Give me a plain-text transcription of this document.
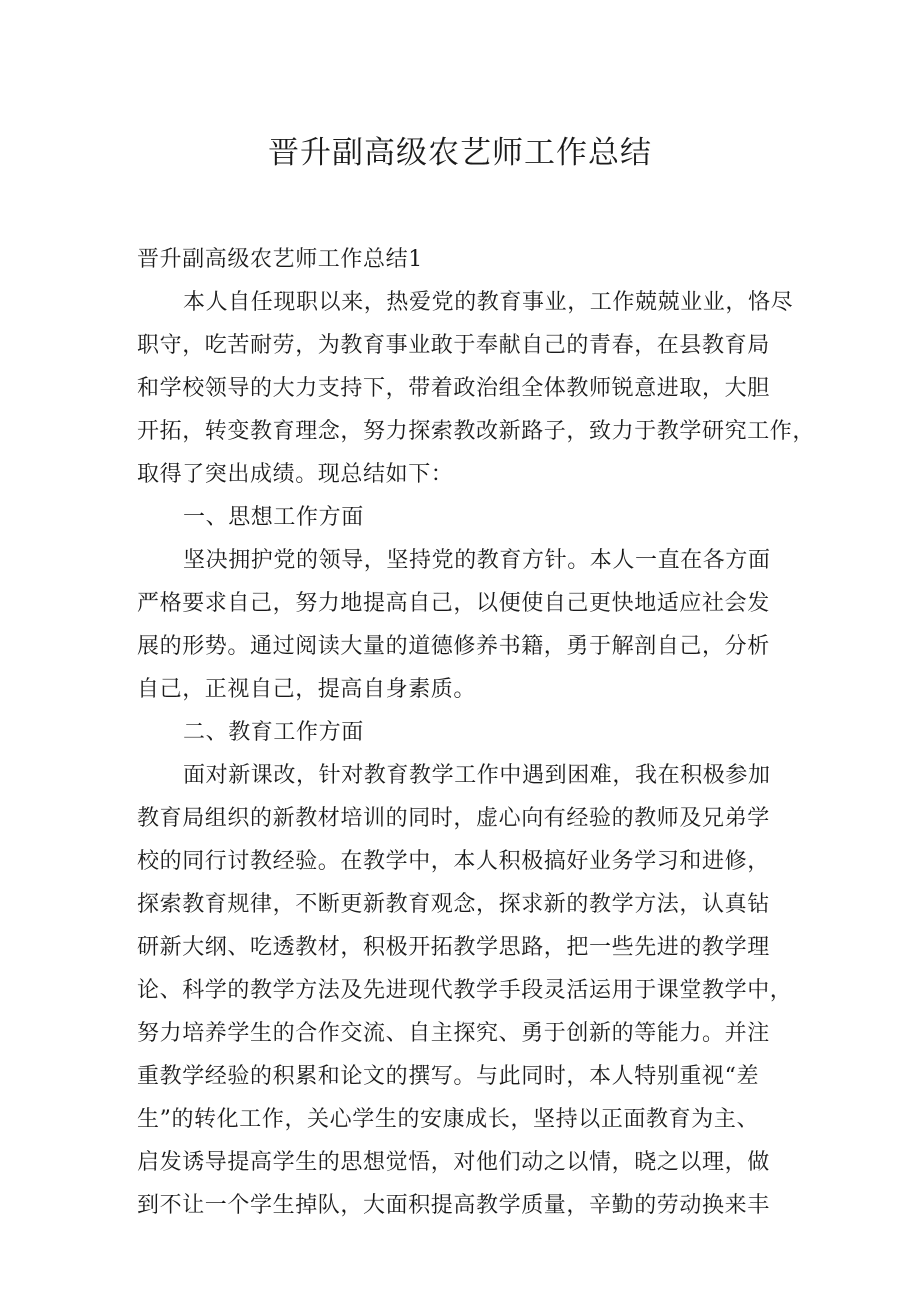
晋升副高级农艺师工作总结

晋升副高级农艺师工作总结1

本人自任现职以来，热爱党的教育事业，工作兢兢业业，恪尽

职守，吃苦耐劳，为教育事业敢于奉献自己的青春，在县教育局

和学校领导的大力支持下，带着政治组全体教师锐意进取，大胆

开拓，转变教育理念，努力探索教改新路子，致力于教学研究工作，

取得了突出成绩。现总结如下：

一、思想工作方面

坚决拥护党的领导，坚持党的教育方针。本人一直在各方面

严格要求自己，努力地提高自己，以便使自己更快地适应社会发

展的形势。通过阅读大量的道德修养书籍，勇于解剖自己，分析

自己，正视自己，提高自身素质。

二、教育工作方面

面对新课改，针对教育教学工作中遇到困难，我在积极参加

教育局组织的新教材培训的同时，虚心向有经验的教师及兄弟学

校的同行讨教经验。在教学中，本人积极搞好业务学习和进修，

探索教育规律，不断更新教育观念，探求新的教学方法，认真钻

研新大纲、吃透教材，积极开拓教学思路，把一些先进的教学理

论、科学的教学方法及先进现代教学手段灵活运用于课堂教学中，

努力培养学生的合作交流、自主探究、勇于创新的等能力。并注

重教学经验的积累和论文的撰写。与此同时，本人特别重视“差

生”的转化工作，关心学生的安康成长，坚持以正面教育为主、

启发诱导提高学生的思想觉悟，对他们动之以情，晓之以理，做

到不让一个学生掉队，大面积提高教学质量，辛勤的劳动换来丰
